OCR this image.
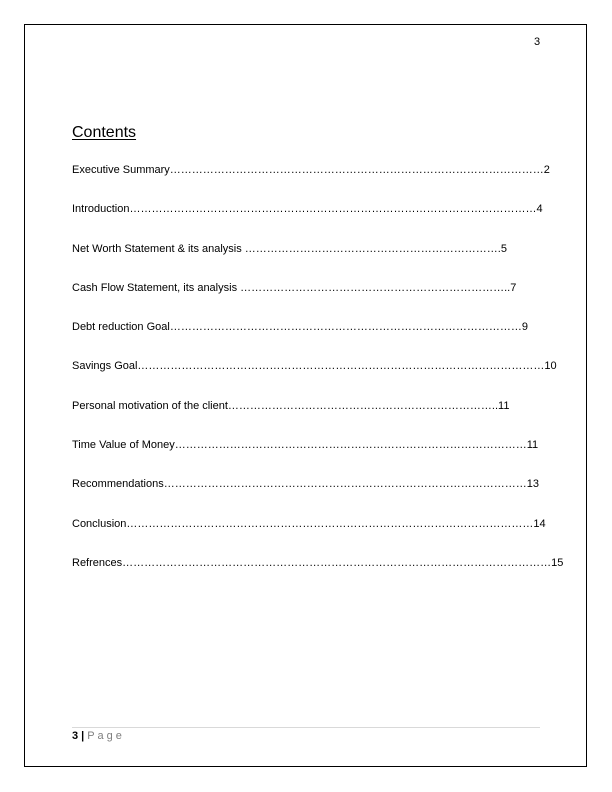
3
Contents
Executive Summary…………………………………………………………………………………………2
Introduction…………………………………………………………………………………………………4
Net Worth Statement & its analysis …………………………………………………………….5
Cash Flow Statement, its analysis ………………………………………………………………..7
Debt reduction Goal……………………………………………………………………………………9
Savings Goal…………………………………………………………………………………………………10
Personal motivation of the client………………………………………………………………..11
Time Value of Money……………………………………………………………………………………11
Recommendations………………………………………………………………………………………13
Conclusion…………………………………………………………………………………………………14
Refrences………………………………………………………………………………………………………15
3 | Page
